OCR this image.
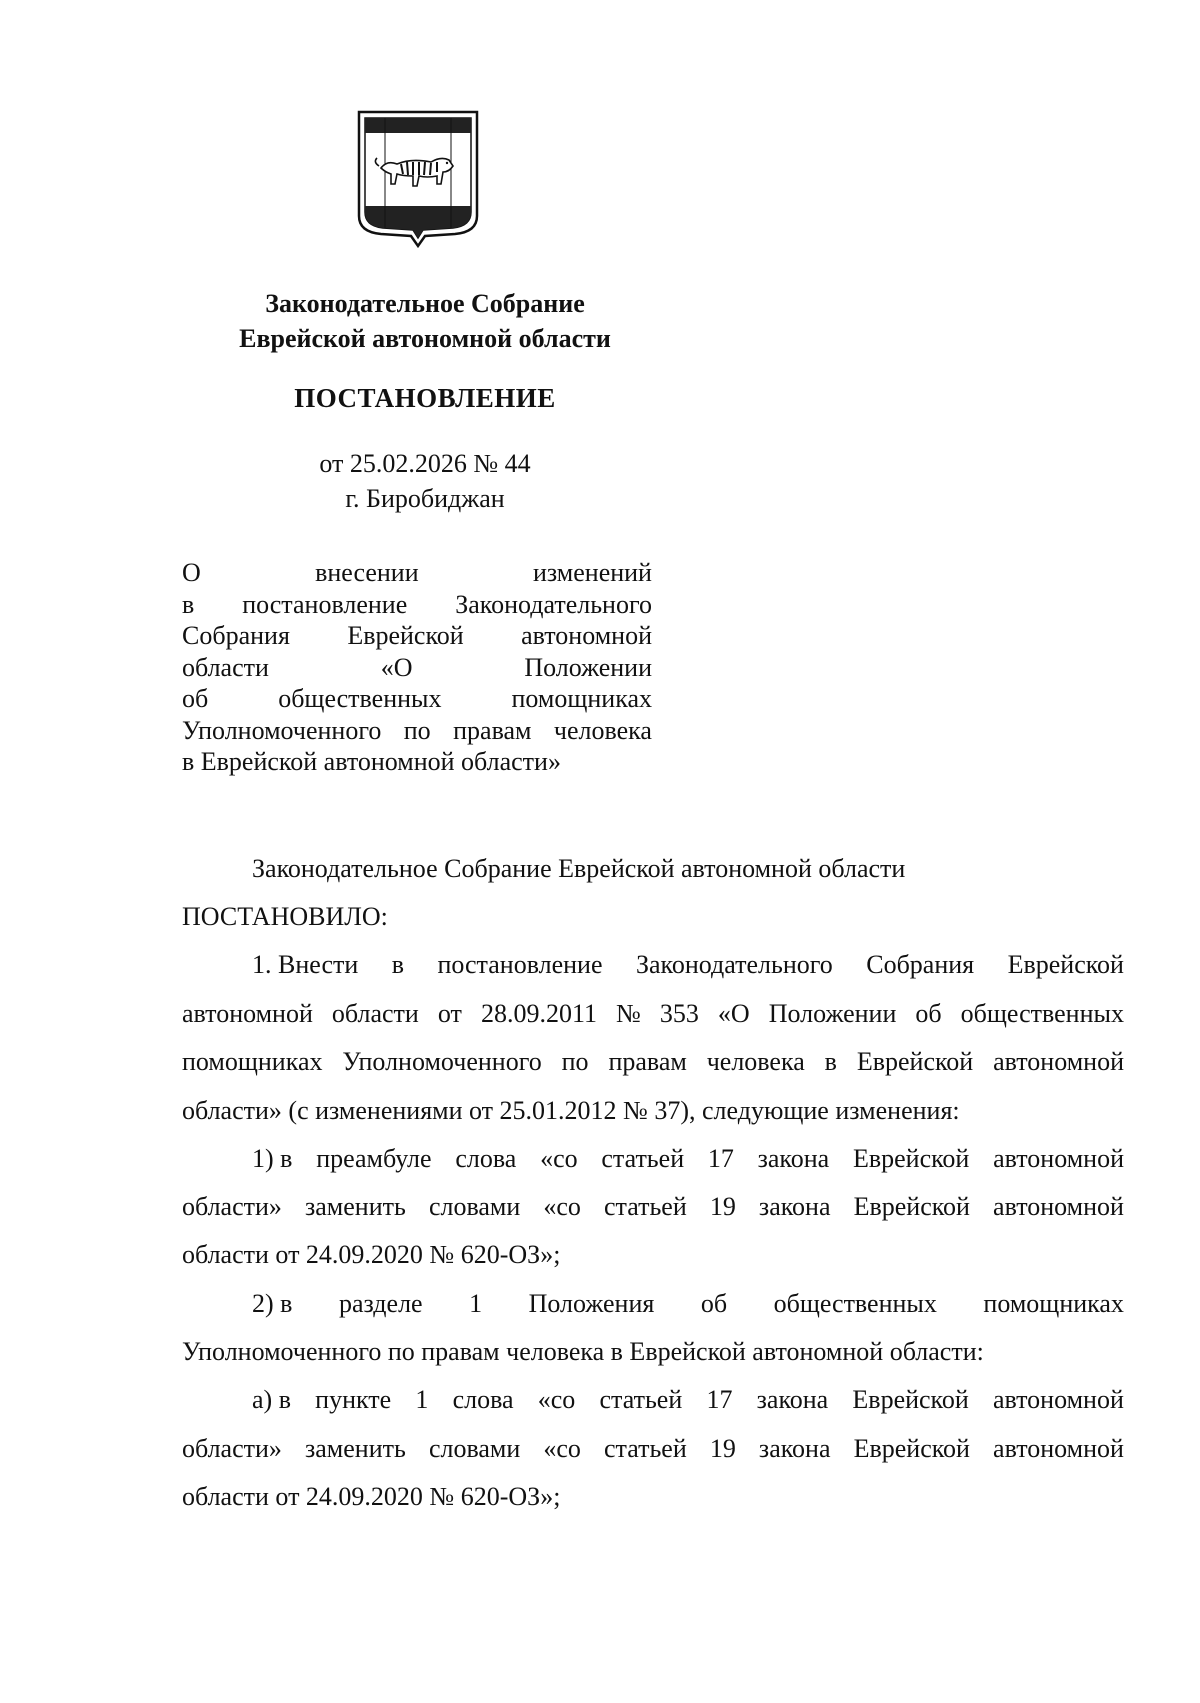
Законодательное Собрание
Еврейской автономной области
ПОСТАНОВЛЕНИЕ
от 25.02.2026 № 44
г. Биробиджан
О	внесении	изменений
в постановление Законодательного
Собрания Еврейской автономной
области	«О	Положении
об	общественных	помощниках
Уполномоченного по правам человека
в Еврейской автономной области»
Законодательное Собрание Еврейской автономной области
ПОСТАНОВИЛО:
1. Внести в постановление Законодательного Собрания Еврейской
автономной области от 28.09.2011 № 353 «О Положении об общественных
помощниках Уполномоченного по правам человека в Еврейской автономной
области» (с изменениями от 25.01.2012 № 37), следующие изменения:
1) в преамбуле слова «со статьей 17 закона Еврейской автономной
области» заменить словами «со статьей 19 закона Еврейской автономной
области от 24.09.2020 № 620-ОЗ»;
2) в разделе 1 Положения об общественных помощниках
Уполномоченного по правам человека в Еврейской автономной области:
а) в пункте 1 слова «со статьей 17 закона Еврейской автономной
области» заменить словами «со статьей 19 закона Еврейской автономной
области от 24.09.2020 № 620-ОЗ»;
